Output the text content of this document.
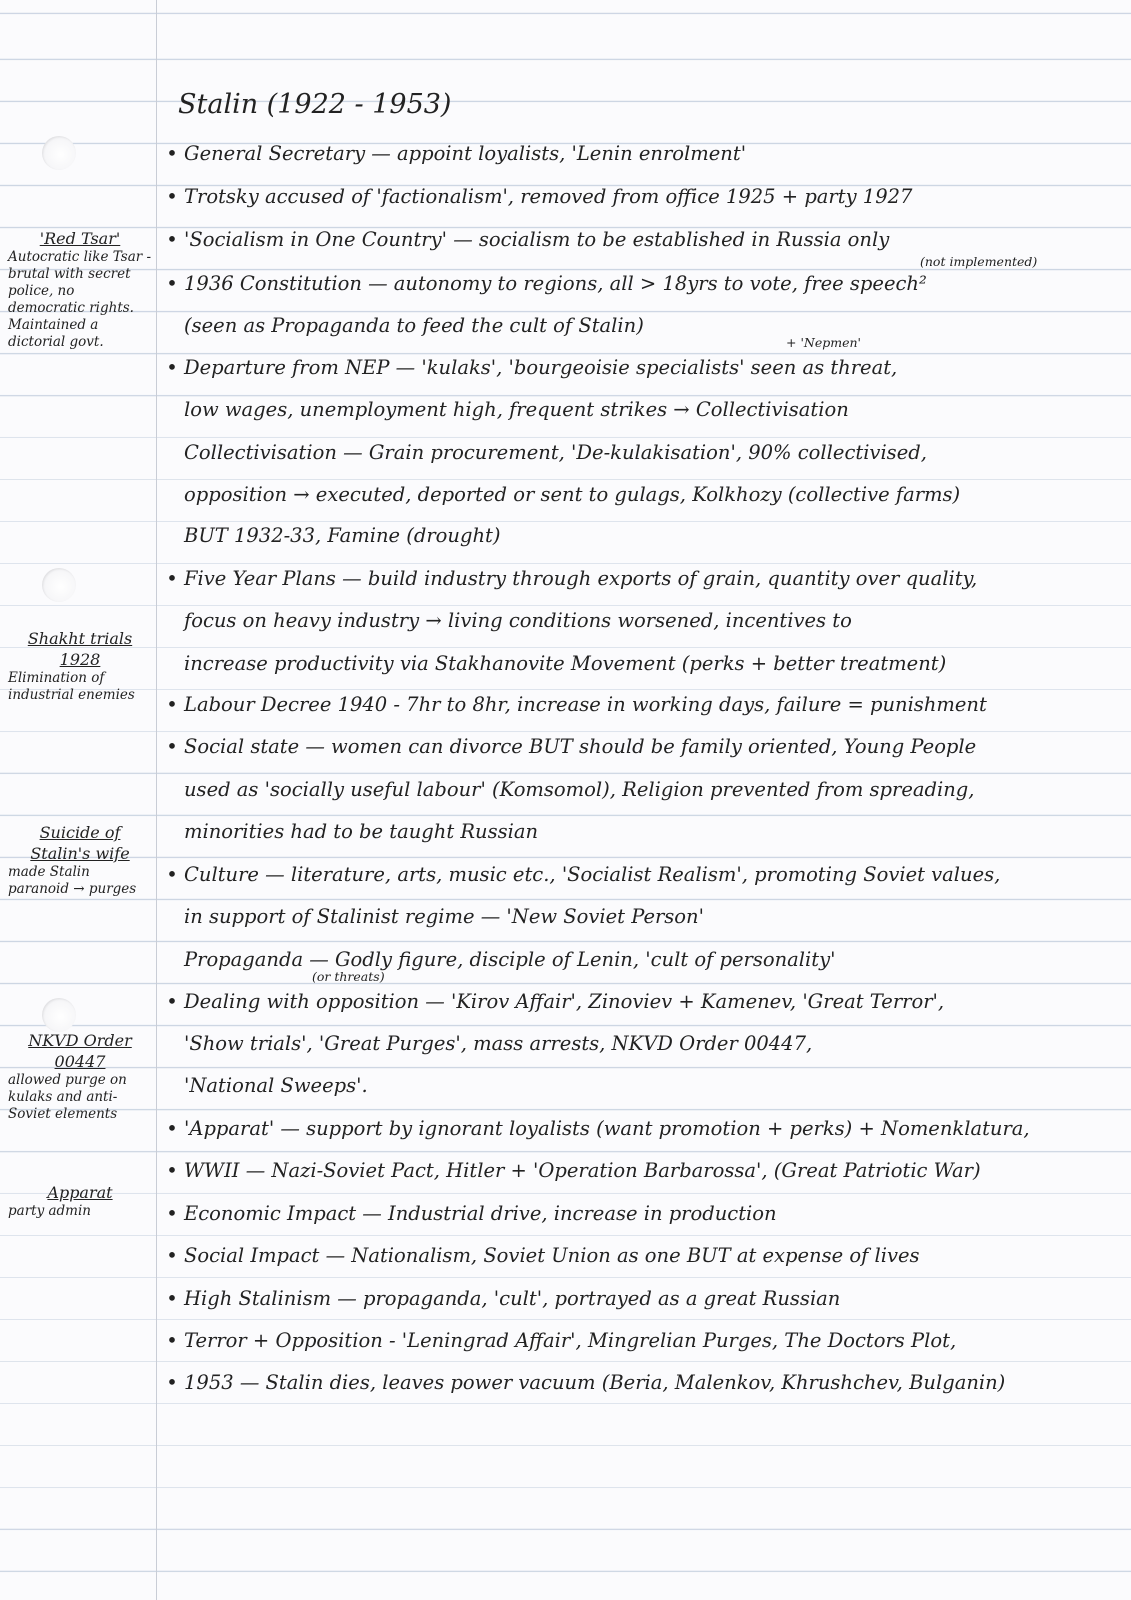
Stalin (1922 - 1953)
(not implemented)
+ 'Nepmen'
(or threats)
• General Secretary — appoint loyalists, 'Lenin enrolment'
• Trotsky accused of 'factionalism', removed from office 1925 + party 1927
• 'Socialism in One Country' — socialism to be established in Russia only
• 1936 Constitution — autonomy to regions, all > 18yrs to vote, free speech²
(seen as Propaganda to feed the cult of Stalin)
• Departure from NEP — 'kulaks', 'bourgeoisie specialists' seen as threat,
low wages, unemployment high, frequent strikes → Collectivisation
Collectivisation — Grain procurement, 'De-kulakisation', 90% collectivised,
opposition → executed, deported or sent to gulags, Kolkhozy (collective farms)
BUT 1932-33, Famine (drought)
• Five Year Plans — build industry through exports of grain, quantity over quality,
focus on heavy industry → living conditions worsened, incentives to
increase productivity via Stakhanovite Movement (perks + better treatment)
• Labour Decree 1940 - 7hr to 8hr, increase in working days, failure = punishment
• Social state — women can divorce BUT should be family oriented, Young People
used as 'socially useful labour' (Komsomol), Religion prevented from spreading,
minorities had to be taught Russian
• Culture — literature, arts, music etc., 'Socialist Realism', promoting Soviet values,
in support of Stalinist regime — 'New Soviet Person'
Propaganda — Godly figure, disciple of Lenin, 'cult of personality'
• Dealing with opposition — 'Kirov Affair', Zinoviev + Kamenev, 'Great Terror',
'Show trials', 'Great Purges', mass arrests, NKVD Order 00447,
'National Sweeps'.
• 'Apparat' — support by ignorant loyalists (want promotion + perks) + Nomenklatura,
• WWII — Nazi-Soviet Pact, Hitler + 'Operation Barbarossa', (Great Patriotic War)
• Economic Impact — Industrial drive, increase in production
• Social Impact — Nationalism, Soviet Union as one BUT at expense of lives
• High Stalinism — propaganda, 'cult', portrayed as a great Russian
• Terror + Opposition - 'Leningrad Affair', Mingrelian Purges, The Doctors Plot,
• 1953 — Stalin dies, leaves power vacuum (Beria, Malenkov, Khrushchev, Bulganin)
'Red Tsar'
Autocratic like Tsar - brutal with secret police, no democratic rights. Maintained a dictorial govt.
Shakht trials 1928
Elimination of industrial enemies
Suicide of Stalin's wife
made Stalin paranoid → purges
NKVD Order 00447
allowed purge on kulaks and anti-Soviet elements
Apparat
party admin
